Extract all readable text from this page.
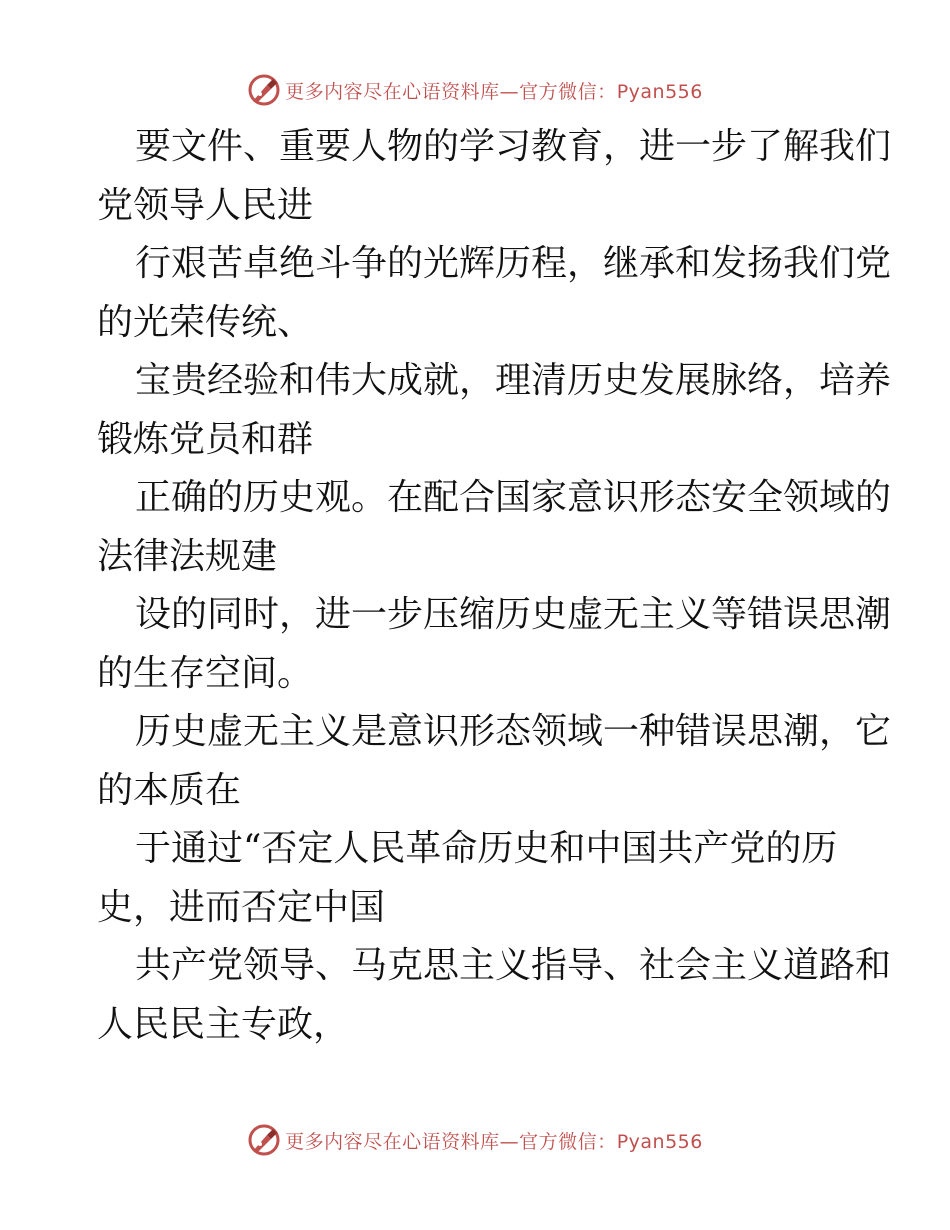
更多内容尽在心语资料库—官方微信：Pyan556
要文件、重要人物的学习教育，进一步了解我们
党领导人民进
行艰苦卓绝斗争的光辉历程，继承和发扬我们党
的光荣传统、
宝贵经验和伟大成就，理清历史发展脉络，培养
锻炼党员和群
正确的历史观。在配合国家意识形态安全领域的
法律法规建
设的同时，进一步压缩历史虚无主义等错误思潮
的生存空间。
历史虚无主义是意识形态领域一种错误思潮，它
的本质在
于通过“否定人民革命历史和中国共产党的历
史，进而否定中国
共产党领导、马克思主义指导、社会主义道路和
人民民主专政，
更多内容尽在心语资料库—官方微信：Pyan556
